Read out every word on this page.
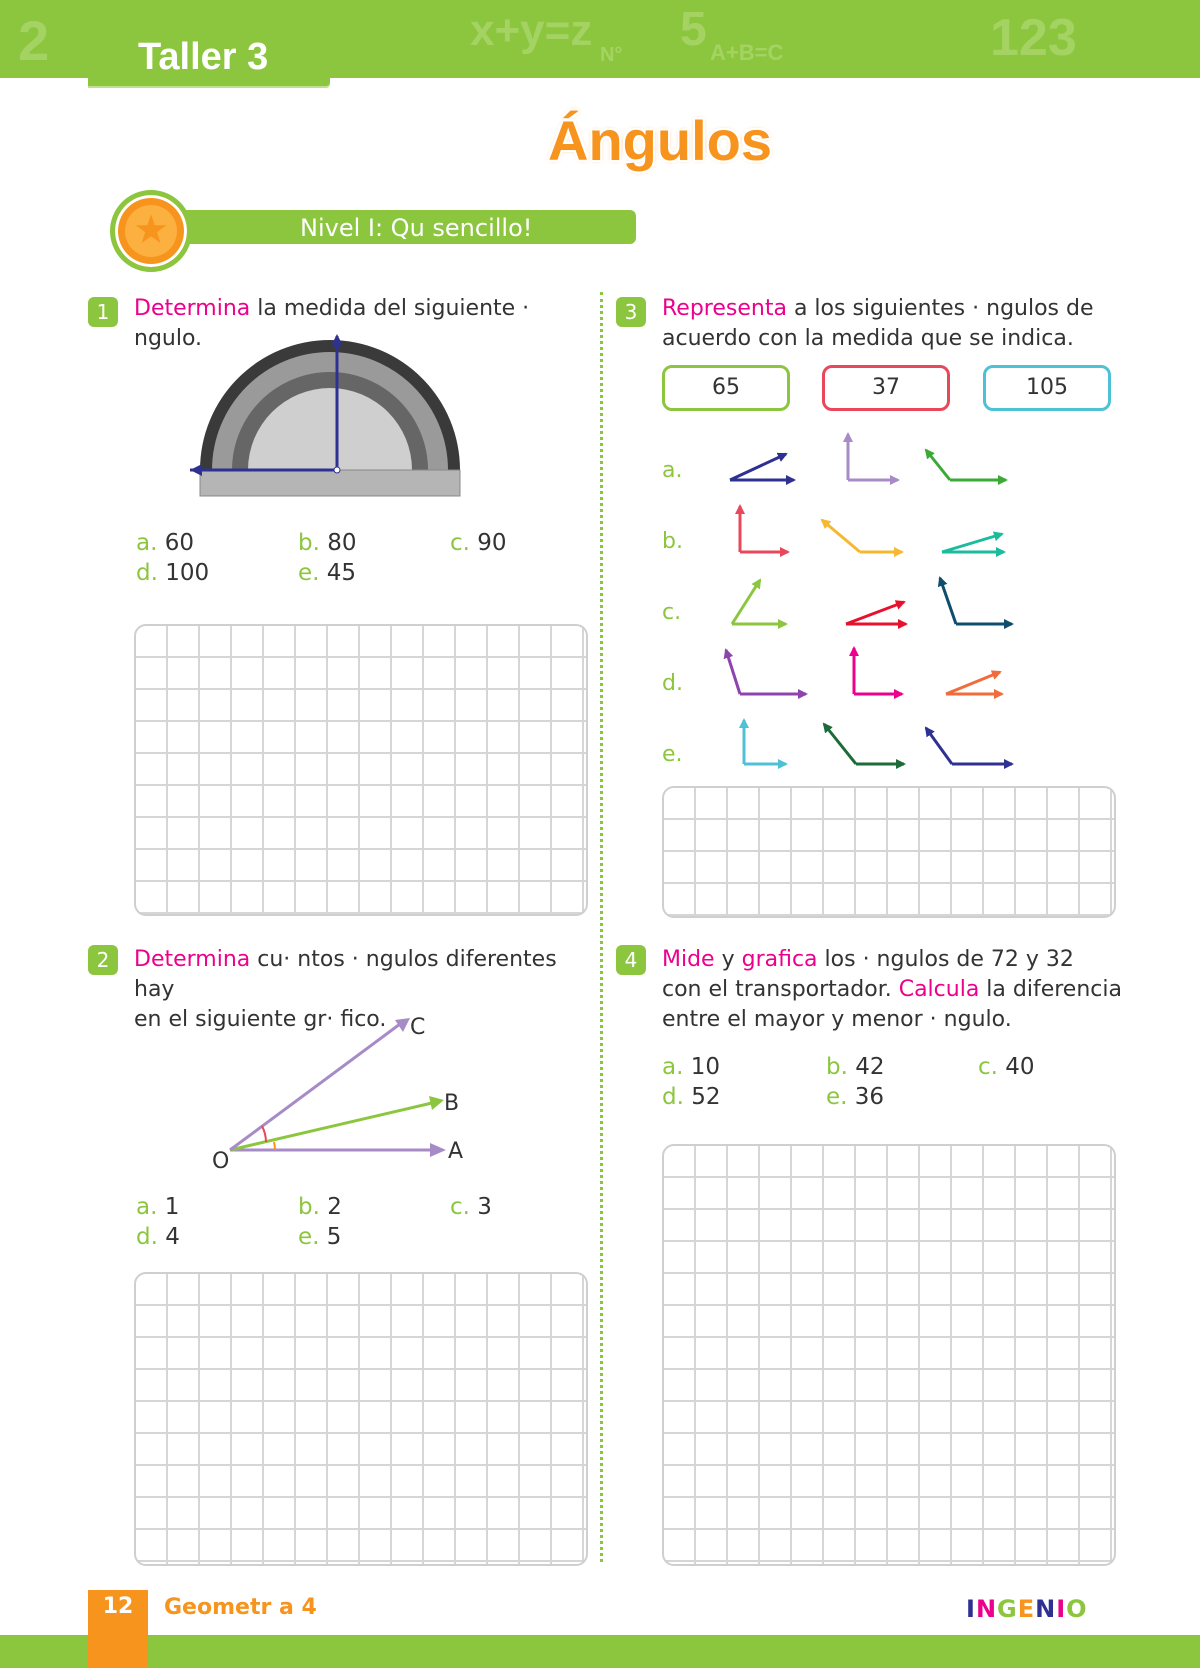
2	x+y=z	A+B=C	123
5
N°
Taller 3
Ángulos
Nivel I: Qu sencillo!
★
1	Determina la medida del siguiente · ngulo.
a. 60	b. 80	c. 90
d. 100	e. 45
2	Determina cu· ntos · ngulos diferentes hay
en el siguiente gr· fico.
O	A
B
C
a. 1	b. 2	c. 3
d. 4	e. 5
3	Representa a los siguientes · ngulos de
acuerdo con la medida que se indica.
65	37	105
a.
b.
c.
d.
e.
4	Mide y grafica los · ngulos de 72 y 32
con el transportador. Calcula la diferencia
entre el mayor y menor · ngulo.
a. 10	b. 42	c. 40
d. 52	e. 36
12	Geometr a 4	INGENIO
